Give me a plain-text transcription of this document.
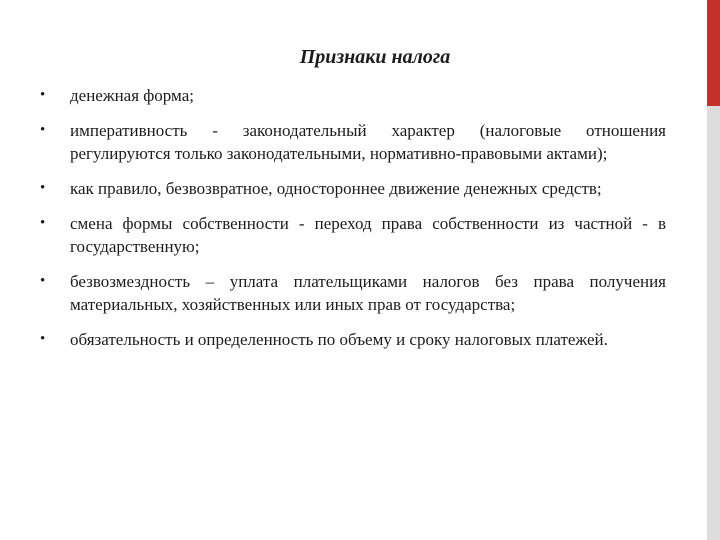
Признаки налога
• денежная форма;
• императивность - законодательный характер (налоговые отношения регулируются только законодательными, нормативно-правовыми актами);
• как правило, безвозвратное, одностороннее движение денежных средств;
• смена формы собственности - переход права собственности из частной - в государственную;
• безвозмездность – уплата плательщиками налогов без права получения материальных, хозяйственных или иных прав от государства;
• обязательность и определенность по объему и сроку налоговых платежей.
